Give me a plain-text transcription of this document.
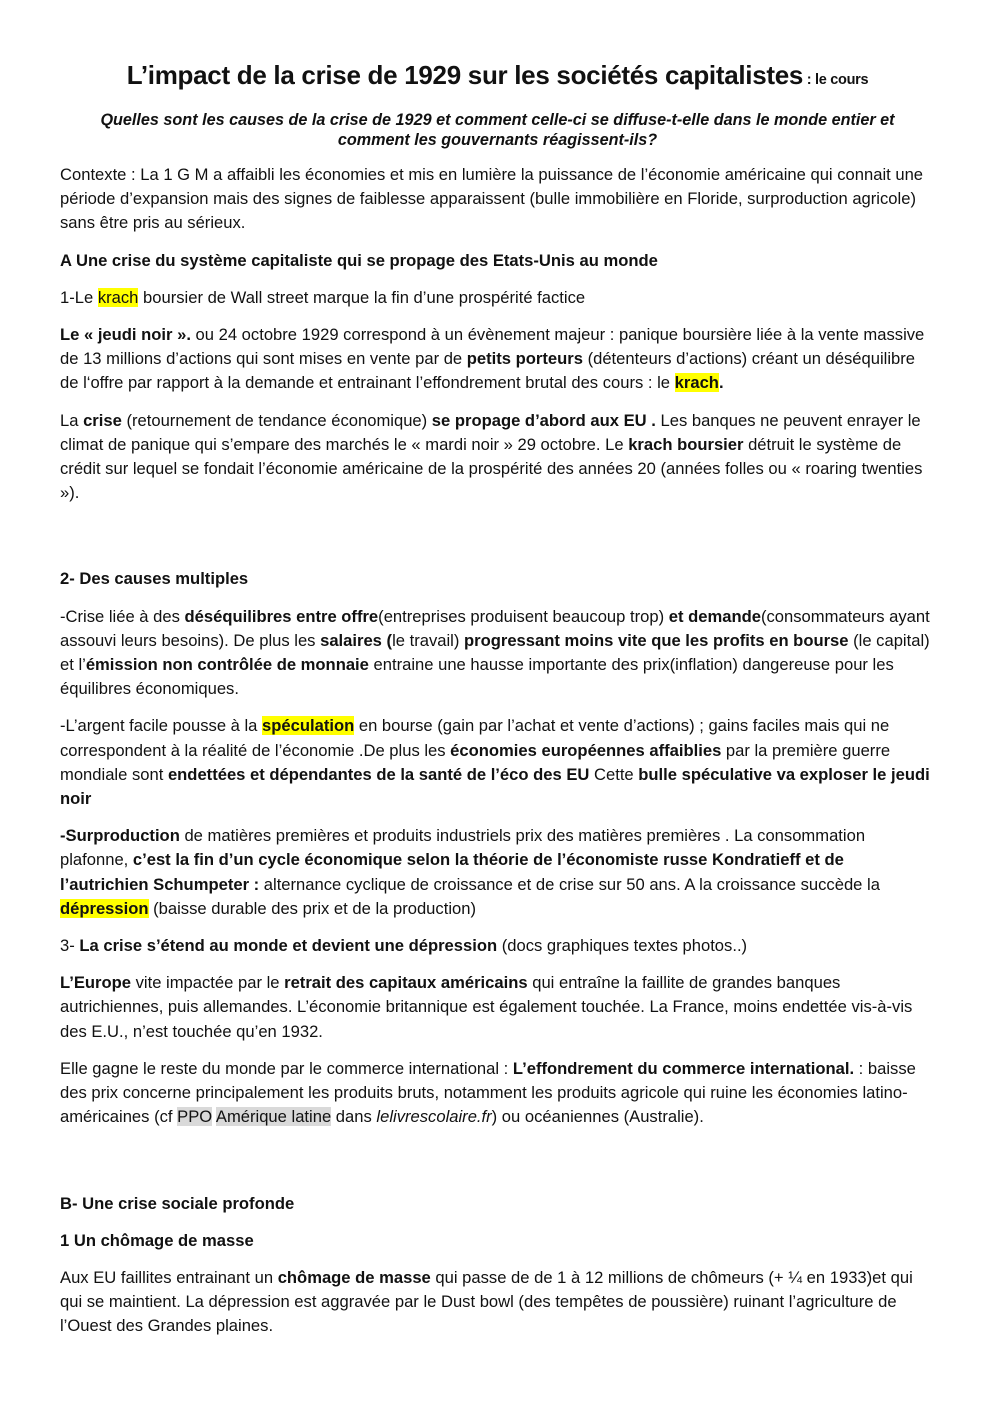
L’impact de la crise de 1929 sur les sociétés capitalistes : le cours
Quelles sont les causes de la crise de 1929 et comment celle-ci se diffuse-t-elle dans le monde entier et comment les gouvernants réagissent-ils?

Contexte : La 1 G M a affaibli les économies et mis en lumière la puissance de l’économie américaine qui connait une période d’expansion mais des signes de faiblesse apparaissent (bulle immobilière en Floride, surproduction agricole) sans être pris au sérieux.

A Une crise du système capitaliste qui se propage des Etats-Unis au monde

1-Le krach boursier de Wall street marque la fin d’une prospérité factice

Le « jeudi noir ». ou 24 octobre 1929 correspond à un évènement majeur : panique boursière liée à la vente massive de 13 millions d’actions qui sont mises en vente par de petits porteurs (détenteurs d’actions) créant un déséquilibre de l‘offre par rapport à la demande et entrainant l’effondrement brutal des cours : le krach.

La crise (retournement de tendance économique) se propage d’abord aux EU . Les banques ne peuvent enrayer le climat de panique qui s’empare des marchés le « mardi noir » 29 octobre. Le krach boursier détruit le système de crédit sur lequel se fondait l’économie américaine de la prospérité des années 20 (années folles ou « roaring twenties »).

2- Des causes multiples

-Crise liée à des déséquilibres entre offre(entreprises produisent beaucoup trop) et demande(consommateurs ayant assouvi leurs besoins). De plus les salaires (le travail) progressant moins vite que les profits en bourse (le capital) et l’émission non contrôlée de monnaie entraine une hausse importante des prix(inflation) dangereuse pour les équilibres économiques.

-L’argent facile pousse à la spéculation en bourse (gain par l’achat et vente d’actions) ; gains faciles mais qui ne correspondent à la réalité de l’économie .De plus les économies européennes affaiblies par la première guerre mondiale sont endettées et dépendantes de la santé de l’éco des EU Cette bulle spéculative va exploser le jeudi noir

-Surproduction de matières premières et produits industriels prix des matières premières . La consommation plafonne, c’est la fin d’un cycle économique selon la théorie de l’économiste russe Kondratieff et de l’autrichien Schumpeter : alternance cyclique de croissance et de crise sur 50 ans. A la croissance succède la dépression (baisse durable des prix et de la production)

3- La crise s’étend au monde et devient une dépression (docs graphiques textes photos..)

L’Europe vite impactée par le retrait des capitaux américains qui entraîne la faillite de grandes banques autrichiennes, puis allemandes. L’économie britannique est également touchée. La France, moins endettée vis-à-vis des E.U., n’est touchée qu’en 1932.

Elle gagne le reste du monde par le commerce international : L’effondrement du commerce international. : baisse des prix concerne principalement les produits bruts, notamment les produits agricole qui ruine les économies latino-américaines (cf PPO Amérique latine dans lelivrescolaire.fr) ou océaniennes (Australie).

B- Une crise sociale profonde

1 Un chômage de masse

Aux EU faillites entrainant un chômage de masse qui passe de de 1 à 12 millions de chômeurs (+ ¼ en 1933)et qui qui se maintient. La dépression est aggravée par le Dust bowl (des tempêtes de poussière) ruinant l’agriculture de l’Ouest des Grandes plaines.
